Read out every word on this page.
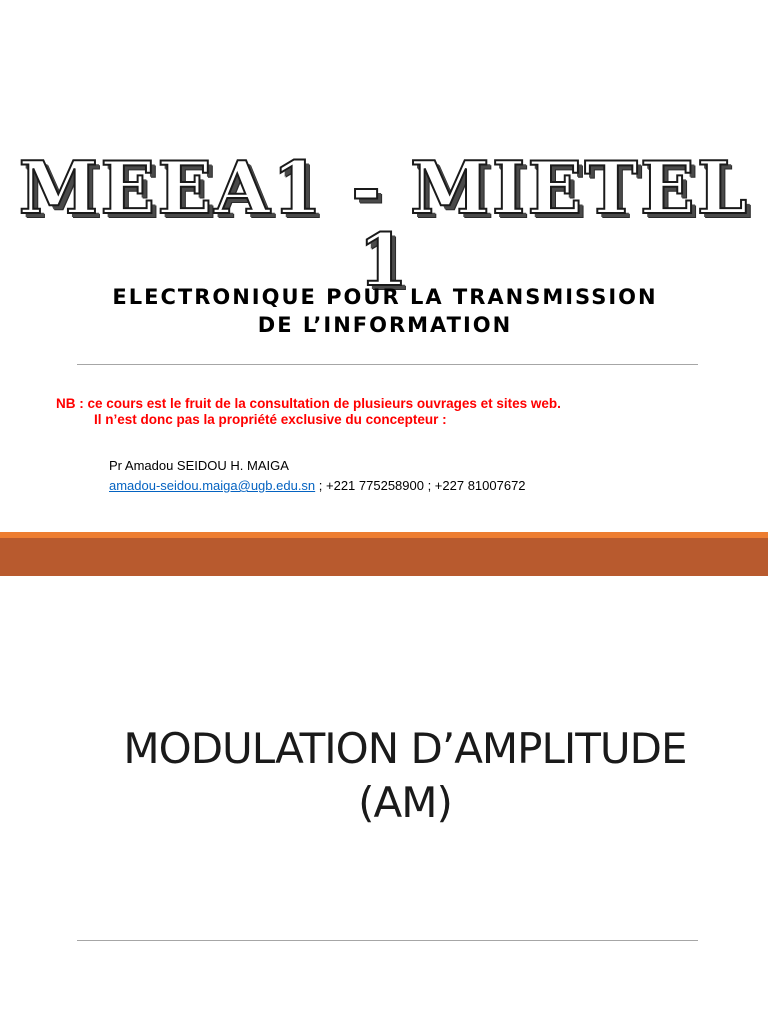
MEEA1 - MIETEL 1
ELECTRONIQUE POUR LA TRANSMISSION
DE L’INFORMATION

NB : ce cours est le fruit de la consultation de plusieurs ouvrages et sites web.
Il n’est donc pas la propriété exclusive du concepteur :

Pr Amadou SEIDOU H. MAIGA
amadou-seidou.maiga@ugb.edu.sn ; +221 775258900 ; +227 81007672
MODULATION D’AMPLITUDE
(AM)
